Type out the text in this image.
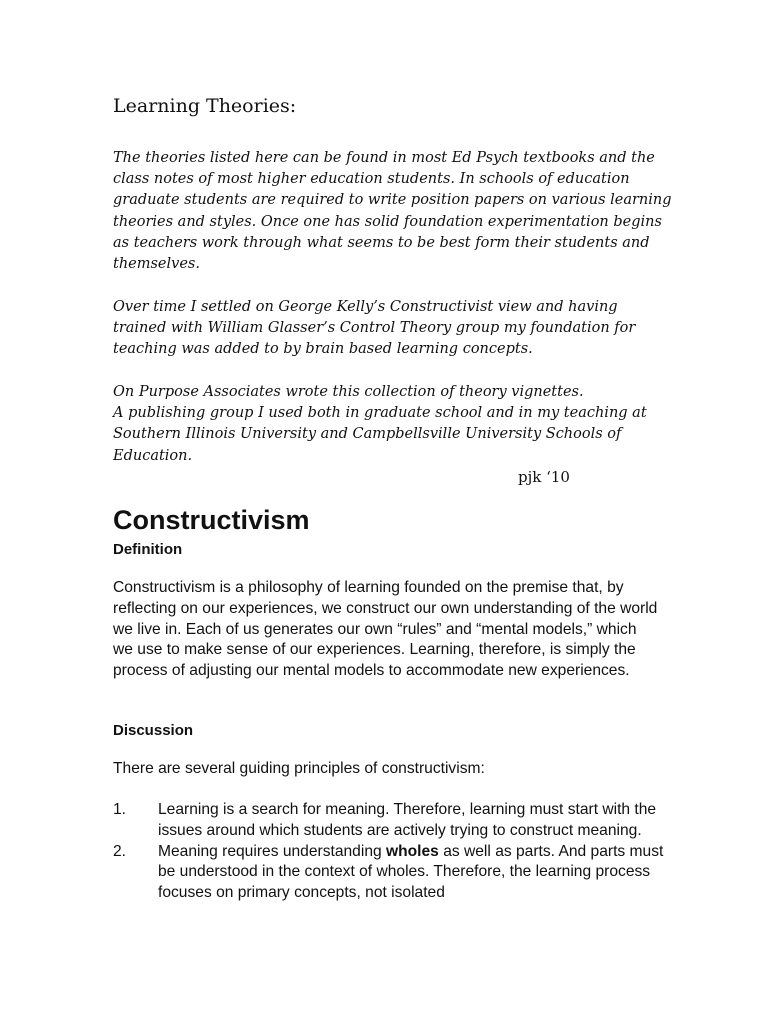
Learning Theories:

The theories listed here can be found in most Ed Psych textbooks and the class notes of most higher education students. In schools of education graduate students are required to write position papers on various learning theories and styles. Once one has solid foundation experimentation begins as teachers work through what seems to be best form their students and themselves.

Over time I settled on George Kelly’s Constructivist view and having trained with William Glasser’s Control Theory group my foundation for teaching was added to by brain based learning concepts.

On Purpose Associates wrote this collection of theory vignettes.
A publishing group I used both in graduate school and in my teaching at Southern Illinois University and Campbellsville University Schools of Education.
pjk ‘10
Constructivism
Definition

Constructivism is a philosophy of learning founded on the premise that, by reflecting on our experiences, we construct our own understanding of the world we live in. Each of us generates our own “rules” and “mental models,” which we use to make sense of our experiences. Learning, therefore, is simply the process of adjusting our mental models to accommodate new experiences.

Discussion

There are several guiding principles of constructivism:

1. Learning is a search for meaning. Therefore, learning must start with the issues around which students are actively trying to construct meaning.
2. Meaning requires understanding wholes as well as parts. And parts must be understood in the context of wholes. Therefore, the learning process focuses on primary concepts, not isolated
